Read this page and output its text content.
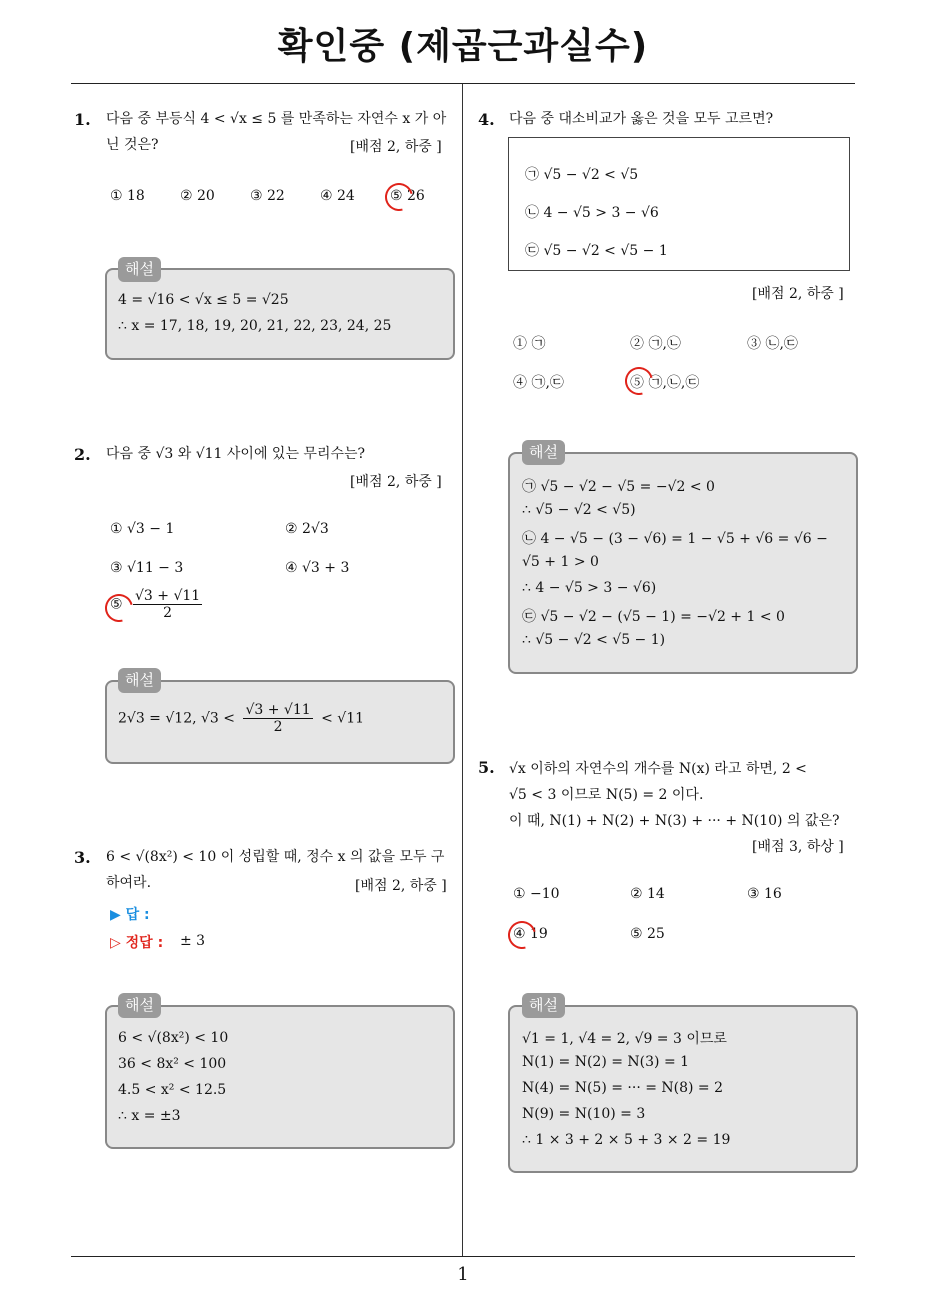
확인중 (제곱근과실수)
1
1. 다음 중 부등식 4 < √x ≤ 5 를 만족하는 자연수 x 가 아닌 것은?	[배점 2, 하중 ]
① 18	② 20	③ 22	④ 24	⑤ 26
해설
4 = √16 < √x ≤ 5 = √25
∴ x = 17, 18, 19, 20, 21, 22, 23, 24, 25
2. 다음 중 √3 와 √11 사이에 있는 무리수는?
[배점 2, 하중 ]
① √3 − 1	② 2√3
③ √11 − 3	④ √3 + 3
⑤ $\frac{√3 + √11}{2}$
해설
2√3 = √12, $√3 < \frac{√3 + √11}{2} < √11$
3. 6 < √(8x²) < 10 이 성립할 때, 정수 x 의 값을 모두 구하여라.	[배점 2, 하중 ]
▶ 답 :
▷ 정답 : ± 3
해설
6 < √(8x²) < 10
36 < 8x² < 100
4.5 < x² < 12.5
∴ x = ±3
4. 다음 중 대소비교가 옳은 것을 모두 고르면?
㉠ √5 − √2 < √5
㉡ 4 − √5 > 3 − √6
㉢ √5 − √2 < √5 − 1
[배점 2, 하중 ]
① ㉠	② ㉠,㉡	③ ㉡,㉢
④ ㉠,㉢	⑤ ㉠,㉡,㉢
해설
㉠ √5 − √2 − √5 = −√2 < 0
∴ √5 − √2 < √5)
㉡ 4 − √5 − (3 − √6) = 1 − √5 + √6 = √6 −
√5 + 1 > 0
∴ 4 − √5 > 3 − √6)
㉢ √5 − √2 − (√5 − 1) = −√2 + 1 < 0
∴ √5 − √2 < √5 − 1)
5. √x 이하의 자연수의 개수를 N(x) 라고 하면, 2 <
√5 < 3 이므로 N(5) = 2 이다.
이 때, N(1) + N(2) + N(3) + ··· + N(10) 의 값은?
[배점 3, 하상 ]
① −10	② 14	③ 16
④ 19	⑤ 25
해설
√1 = 1, √4 = 2, √9 = 3 이므로
N(1) = N(2) = N(3) = 1
N(4) = N(5) = ··· = N(8) = 2
N(9) = N(10) = 3
∴ 1 × 3 + 2 × 5 + 3 × 2 = 19
